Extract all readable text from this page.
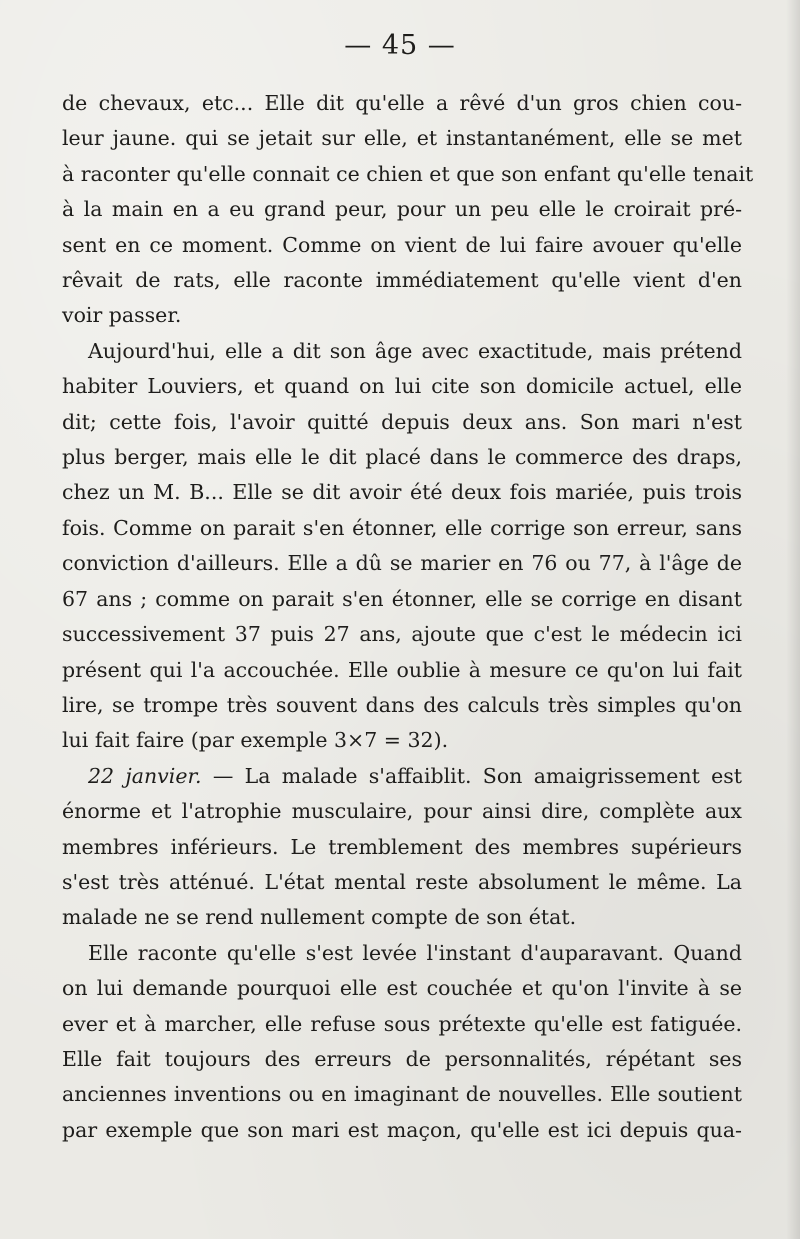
— 45 —
de chevaux, etc... Elle dit qu'elle a rêvé d'un gros chien cou-
leur jaune. qui se jetait sur elle, et instantanément, elle se met
à raconter qu'elle connait ce chien et que son enfant qu'elle tenait
à la main en a eu grand peur, pour un peu elle le croirait pré-
sent en ce moment. Comme on vient de lui faire avouer qu'elle
rêvait de rats, elle raconte immédiatement qu'elle vient d'en
voir passer.
Aujourd'hui, elle a dit son âge avec exactitude, mais prétend
habiter Louviers, et quand on lui cite son domicile actuel, elle
dit; cette fois, l'avoir quitté depuis deux ans. Son mari n'est
plus berger, mais elle le dit placé dans le commerce des draps,
chez un M. B... Elle se dit avoir été deux fois mariée, puis trois
fois. Comme on parait s'en étonner, elle corrige son erreur, sans
conviction d'ailleurs. Elle a dû se marier en 76 ou 77, à l'âge de
67 ans ; comme on parait s'en étonner, elle se corrige en disant
successivement 37 puis 27 ans, ajoute que c'est le médecin ici
présent qui l'a accouchée. Elle oublie à mesure ce qu'on lui fait
lire, se trompe très souvent dans des calculs très simples qu'on
lui fait faire (par exemple 3×7 = 32).
22 janvier. — La malade s'affaiblit. Son amaigrissement est
énorme et l'atrophie musculaire, pour ainsi dire, complète aux
membres inférieurs. Le tremblement des membres supérieurs
s'est très atténué. L'état mental reste absolument le même. La
malade ne se rend nullement compte de son état.
Elle raconte qu'elle s'est levée l'instant d'auparavant. Quand
on lui demande pourquoi elle est couchée et qu'on l'invite à se
ever et à marcher, elle refuse sous prétexte qu'elle est fatiguée.
Elle fait toujours des erreurs de personnalités, répétant ses
anciennes inventions ou en imaginant de nouvelles. Elle soutient
par exemple que son mari est maçon, qu'elle est ici depuis qua-
